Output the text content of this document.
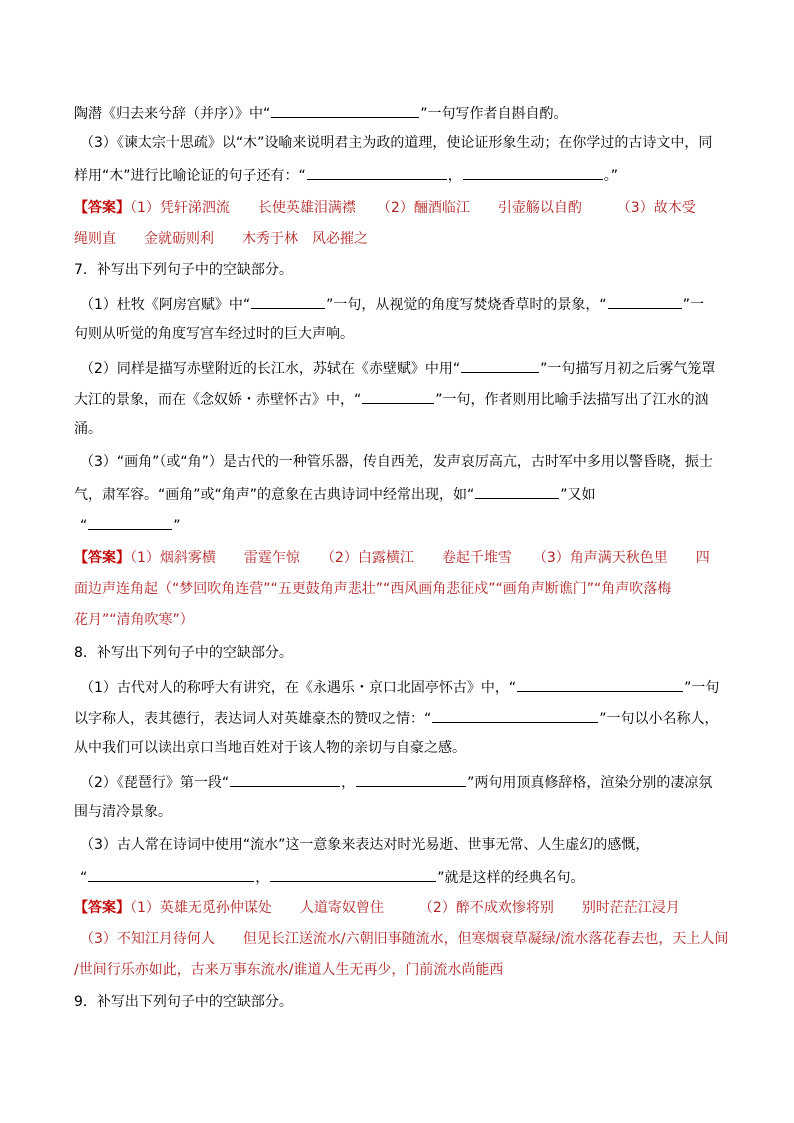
陶潜《归去来兮辞（并序）》中“	”一句写作者自斟自酌。
（3）《谏太宗十思疏》以“木”设喻来说明君主为政的道理，使论证形象生动；在你学过的古诗文中，同
样用“木”进行比喻论证的句子还有：“	，	。”
【答案】（1）凭轩涕泗流　　长使英雄泪满襟　　（2）酾酒临江　　引壶觞以自酌　　　（3）故木受
绳则直　　金就砺则利　　木秀于林　风必摧之
7．补写出下列句子中的空缺部分。
（1）杜牧《阿房宫赋》中“	”一句，从视觉的角度写焚烧香草时的景象，“	”一
句则从听觉的角度写宫车经过时的巨大声响。
（2）同样是描写赤壁附近的长江水，苏轼在《赤壁赋》中用“	”一句描写月初之后雾气笼罩
大江的景象，而在《念奴娇・赤壁怀古》中，“	”一句，作者则用比喻手法描写出了江水的汹
涌。
（3）“画角”（或“角”）是古代的一种管乐器，传自西羌，发声哀厉高亢，古时军中多用以警昏晓，振士
气，肃军容。“画角”或“角声”的意象在古典诗词中经常出现，如“	”又如
“	”
【答案】（1）烟斜雾横　　雷霆乍惊　　（2）白露横江　　卷起千堆雪　　（3）角声满天秋色里　　四
面边声连角起（“梦回吹角连营”“五更鼓角声悲壮”“西风画角悲征戍”“画角声断谯门”“角声吹落梅
花月”“清角吹寒”）
8．补写出下列句子中的空缺部分。
（1）古代对人的称呼大有讲究，在《永遇乐・京口北固亭怀古》中，“	”一句
以字称人，表其德行，表达词人对英雄豪杰的赞叹之情：“	”一句以小名称人，
从中我们可以读出京口当地百姓对于该人物的亲切与自豪之感。
（2）《琵琶行》第一段“	，	”两句用顶真修辞格，渲染分别的凄凉氛
围与清冷景象。
（3）古人常在诗词中使用“流水”这一意象来表达对时光易逝、世事无常、人生虚幻的感慨，
“	，	”就是这样的经典名句。
【答案】（1）英雄无觅孙仲谋处　　人道寄奴曾住　　　（2）醉不成欢惨将别　　别时茫茫江浸月
（3）不知江月待何人　　但见长江送流水/六朝旧事随流水，但寒烟衰草凝绿/流水落花春去也，天上人间
/世间行乐亦如此，古来万事东流水/谁道人生无再少，门前流水尚能西
9．补写出下列句子中的空缺部分。
